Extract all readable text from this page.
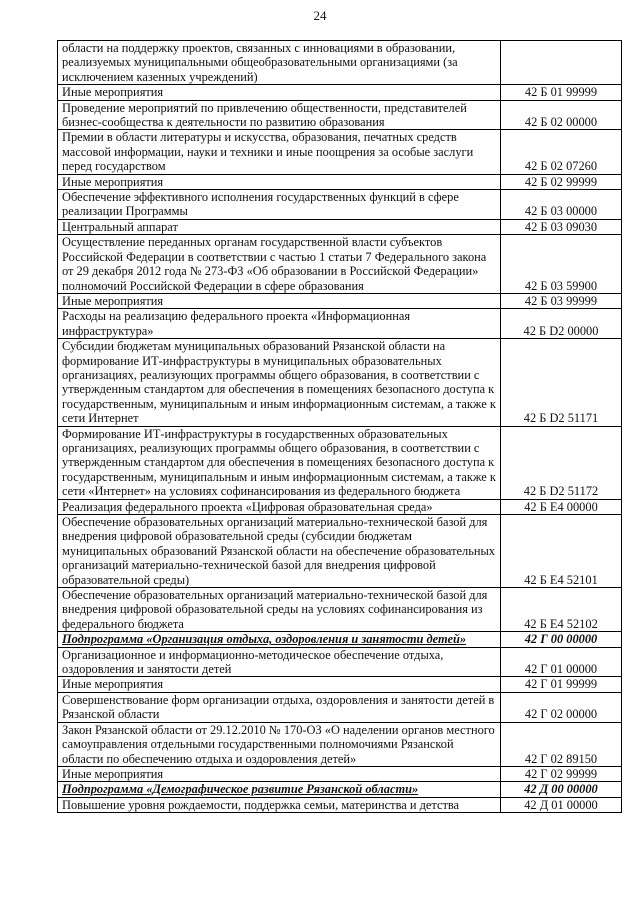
24
области на поддержку проектов, связанных с инновациями в образовании, реализуемых муниципальными общеобразовательными организациями (за исключением казенных учреждений)	
Иные мероприятия	42 Б 01 99999
Проведение мероприятий по привлечению общественности, представителей бизнес-сообщества к деятельности по развитию образования	42 Б 02 00000
Премии в области литературы и искусства, образования, печатных средств массовой информации, науки и техники и иные поощрения за особые заслуги перед государством	42 Б 02 07260
Иные мероприятия	42 Б 02 99999
Обеспечение эффективного исполнения государственных функций в сфере реализации Программы	42 Б 03 00000
Центральный аппарат	42 Б 03 09030
Осуществление переданных органам государственной власти субъектов Российской Федерации в соответствии с частью 1 статьи 7 Федерального закона от 29 декабря 2012 года № 273-ФЗ «Об образовании в Российской Федерации» полномочий Российской Федерации в сфере образования	42 Б 03 59900
Иные мероприятия	42 Б 03 99999
Расходы на реализацию федерального проекта «Информационная инфраструктура»	42 Б D2 00000
Субсидии бюджетам муниципальных образований Рязанской области на формирование ИТ-инфраструктуры в муниципальных образовательных организациях, реализующих программы общего образования, в соответствии с утвержденным стандартом для обеспечения в помещениях безопасного доступа к государственным, муниципальным и иным информационным системам, а также к сети Интернет	42 Б D2 51171
Формирование ИТ-инфраструктуры в государственных образовательных организациях, реализующих программы общего образования, в соответствии с утвержденным стандартом для обеспечения в помещениях безопасного доступа к государственным, муниципальным и иным информационным системам, а также к сети «Интернет» на условиях софинансирования из федерального бюджета	42 Б D2 51172
Реализация федерального проекта «Цифровая образовательная среда»	42 Б Е4 00000
Обеспечение образовательных организаций материально-технической базой для внедрения цифровой образовательной среды (субсидии бюджетам муниципальных образований Рязанской области на обеспечение образовательных организаций материально-технической базой для внедрения цифровой образовательной среды)	42 Б Е4 52101
Обеспечение образовательных организаций материально-технической базой для внедрения цифровой образовательной среды на условиях софинансирования из федерального бюджета	42 Б Е4 52102
Подпрограмма «Организация отдыха, оздоровления и занятости детей»	42 Г 00 00000
Организационное и информационно-методическое обеспечение отдыха, оздоровления и занятости детей	42 Г 01 00000
Иные мероприятия	42 Г 01 99999
Совершенствование форм организации отдыха, оздоровления и занятости детей в Рязанской области	42 Г 02 00000
Закон Рязанской области от 29.12.2010 № 170-ОЗ «О наделении органов местного самоуправления отдельными государственными полномочиями Рязанской области по обеспечению отдыха и оздоровления детей»	42 Г 02 89150
Иные мероприятия	42 Г 02 99999
Подпрограмма «Демографическое развитие Рязанской области»	42 Д 00 00000
Повышение уровня рождаемости, поддержка семьи, материнства и детства	42 Д 01 00000
